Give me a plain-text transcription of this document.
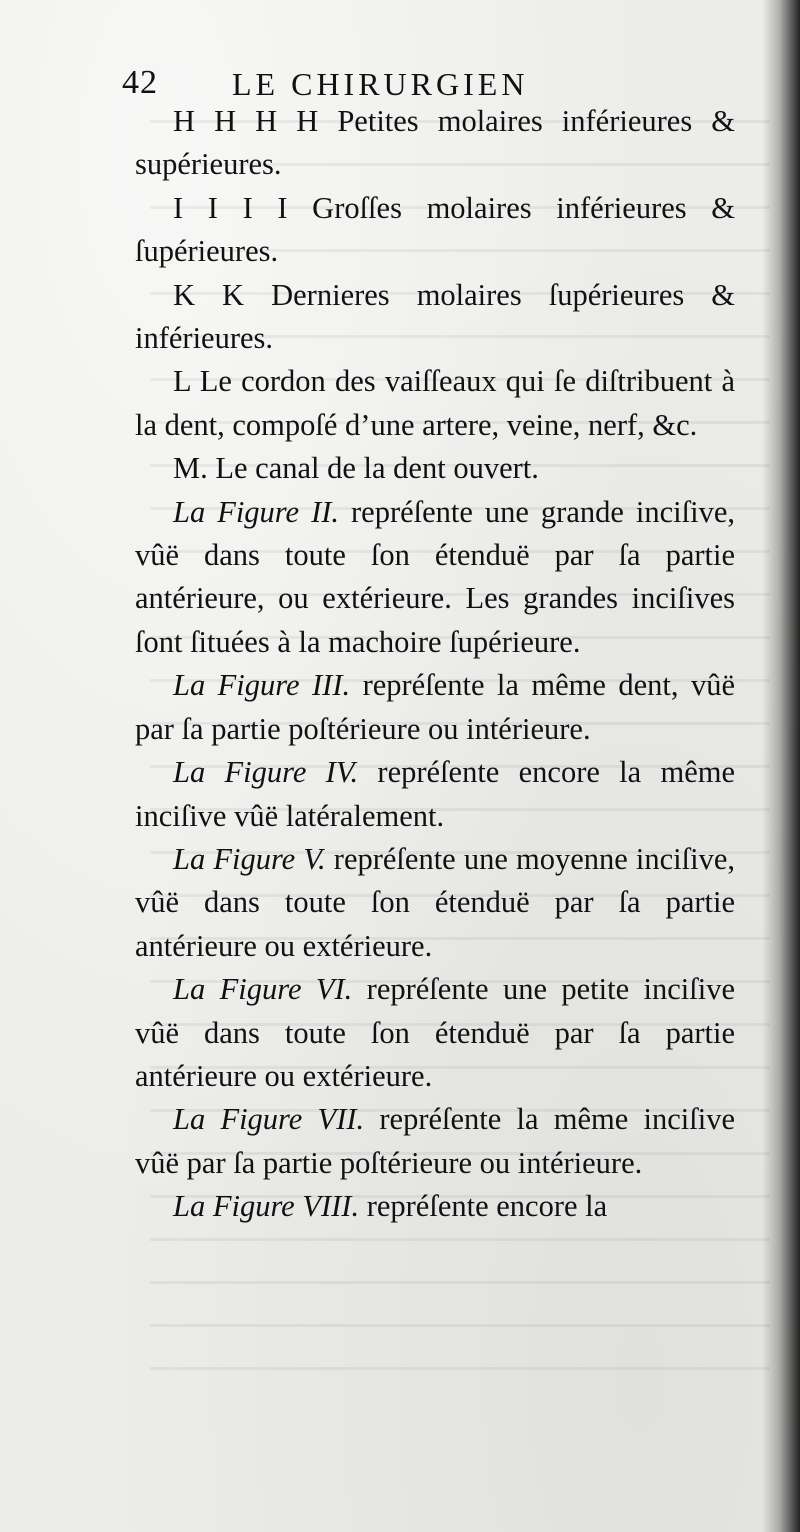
42 LE CHIRURGIEN

H H H H Petites molaires inférieures & supérieures.

I I I I Groſſes molaires inférieures & ſupérieures.

K K Dernieres molaires ſupérieures & inférieures.

L Le cordon des vaiſſeaux qui ſe diſtribuent à la dent, compoſé d’une artere, veine, nerf, &c.

M. Le canal de la dent ouvert.

La Figure II. repréſente une grande inciſive, vûë dans toute ſon étenduë par ſa partie antérieure, ou extérieure. Les grandes inciſives ſont ſituées à la machoire ſupérieure.

La Figure III. repréſente la même dent, vûë par ſa partie poſtérieure ou intérieure.

La Figure IV. repréſente encore la même inciſive vûë latéralement.

La Figure V. repréſente une moyenne inciſive, vûë dans toute ſon étenduë par ſa partie antérieure ou extérieure.

La Figure VI. repréſente une petite inciſive vûë dans toute ſon étenduë par ſa partie antérieure ou extérieure.

La Figure VII. repréſente la même inciſive vûë par ſa partie poſtérieure ou intérieure.

La Figure VIII. repréſente encore la
